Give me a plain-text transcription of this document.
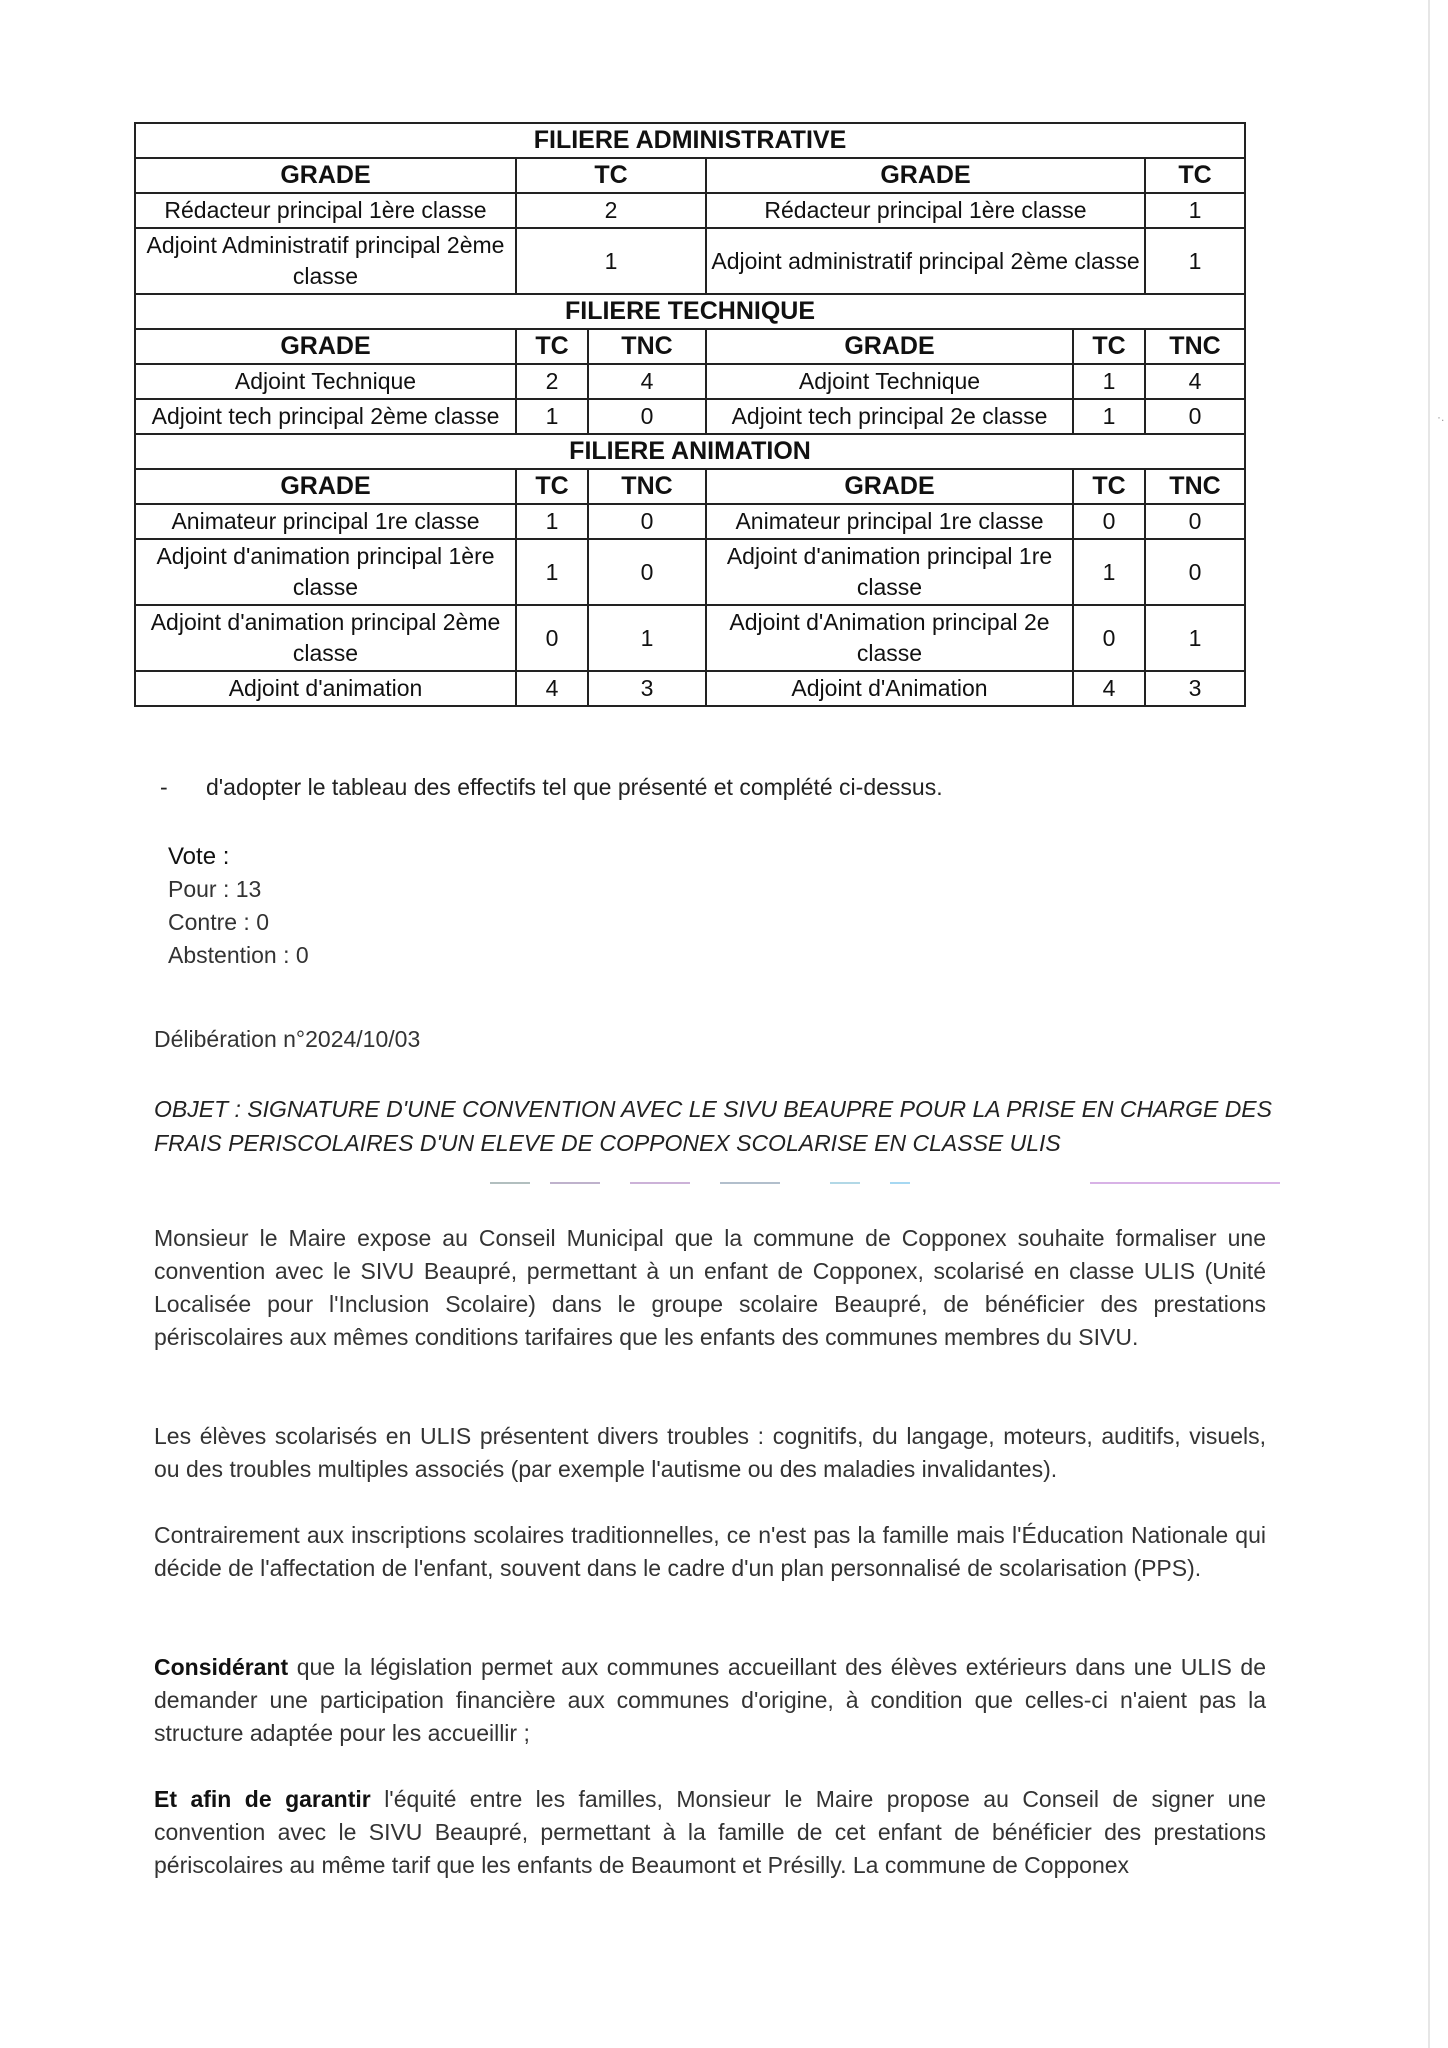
·.
FILIERE ADMINISTRATIVE					
GRADE	TC		GRADE		TC
Rédacteur principal 1ère classe	2		Rédacteur principal 1ère classe		1
Adjoint Administratif principal 2ème classe	1		Adjoint administratif principal 2ème classe		1
FILIERE TECHNIQUE					
GRADE	TC	TNC	GRADE	TC	TNC
Adjoint Technique	2	4	Adjoint Technique	1	4
Adjoint tech principal 2ème classe	1	0	Adjoint tech principal 2e classe	1	0
FILIERE ANIMATION					
GRADE	TC	TNC	GRADE	TC	TNC
Animateur principal 1re classe	1	0	Animateur principal 1re classe	0	0
Adjoint d'animation principal 1ère classe	1	0	Adjoint d'animation principal 1re classe	1	0
Adjoint d'animation principal 2ème classe	0	1	Adjoint d'Animation principal 2e classe	0	1
Adjoint d'animation	4	3	Adjoint d'Animation	4	3
- d'adopter le tableau des effectifs tel que présenté et complété ci-dessus.
Vote :
Pour : 13
Contre : 0
Abstention : 0
Délibération n°2024/10/03
OBJET : SIGNATURE D'UNE CONVENTION AVEC LE SIVU BEAUPRE POUR LA PRISE EN CHARGE DES FRAIS PERISCOLAIRES D'UN ELEVE DE COPPONEX SCOLARISE EN CLASSE ULIS

Monsieur le Maire expose au Conseil Municipal que la commune de Copponex souhaite formaliser une convention avec le SIVU Beaupré, permettant à un enfant de Copponex, scolarisé en classe ULIS (Unité Localisée pour l'Inclusion Scolaire) dans le groupe scolaire Beaupré, de bénéficier des prestations périscolaires aux mêmes conditions tarifaires que les enfants des communes membres du SIVU.

Les élèves scolarisés en ULIS présentent divers troubles : cognitifs, du langage, moteurs, auditifs, visuels, ou des troubles multiples associés (par exemple l'autisme ou des maladies invalidantes).

Contrairement aux inscriptions scolaires traditionnelles, ce n'est pas la famille mais l'Éducation Nationale qui décide de l'affectation de l'enfant, souvent dans le cadre d'un plan personnalisé de scolarisation (PPS).

Considérant que la législation permet aux communes accueillant des élèves extérieurs dans une ULIS de demander une participation financière aux communes d'origine, à condition que celles-ci n'aient pas la structure adaptée pour les accueillir ;

Et afin de garantir l'équité entre les familles, Monsieur le Maire propose au Conseil de signer une convention avec le SIVU Beaupré, permettant à la famille de cet enfant de bénéficier des prestations périscolaires au même tarif que les enfants de Beaumont et Présilly. La commune de Copponex
